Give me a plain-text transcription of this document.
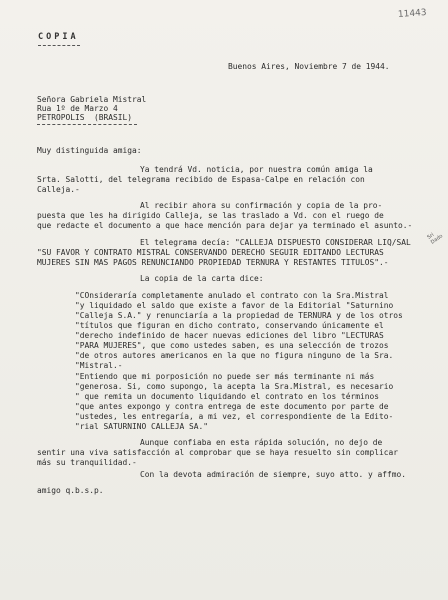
11443
COPIA
Buenos Aires, Noviembre 7 de 1944.
Señora Gabriela Mistral
Rua 1º de Marzo 4
PETROPOLIS  (BRASIL)
Muy distinguida amiga:
Ya tendrá Vd. noticia, por nuestra común amiga la
Srta. Salotti, del telegrama recibido de Espasa-Calpe en relación con
Calleja.-
Al recibir ahora su confirmación y copia de la pro-
puesta que les ha dirigido Calleja, se las traslado a Vd. con el ruego de
que redacte el documento a que hace mención para dejar ya terminado el asunto.-
El telegrama decía: "CALLEJA DISPUESTO CONSIDERAR LIQ/SAL
Sri Dado
"SU FAVOR Y CONTRATO MISTRAL CONSERVANDO DERECHO SEGUIR EDITANDO LECTURAS
MUJERES SIN MAS PAGOS RENUNCIANDO PROPIEDAD TERNURA Y RESTANTES TITULOS".-
La copia de la carta dice:
"COnsideraría completamente anulado el contrato con la Sra.Mistral
"y liquidado el saldo que existe a favor de la Editorial "Saturnino
"Calleja S.A." y renunciaría a la propiedad de TERNURA y de los otros
"títulos que figuran en dicho contrato, conservando únicamente el
"derecho indefinido de hacer nuevas ediciones del libro "LECTURAS
"PARA MUJERES", que como ustedes saben, es una selección de trozos
"de otros autores americanos en la que no figura ninguno de la Sra.
"Mistral.-
"Entiendo que mi porposición no puede ser más terminante ni más
"generosa. Si, como supongo, la acepta la Sra.Mistral, es necesario
" que remita un documento liquidando el contrato en los términos
"que antes expongo y contra entrega de este documento por parte de
"ustedes, les entregaría, a mi vez, el correspondiente de la Edito-
"rial SATURNINO CALLEJA SA."
Aunque confiaba en esta rápida solución, no dejo de
sentir una viva satisfacción al comprobar que se haya resuelto sin complicar
más su tranquilidad.-
Con la devota admiración de siempre, suyo atto. y affmo.
amigo q.b.s.p.
